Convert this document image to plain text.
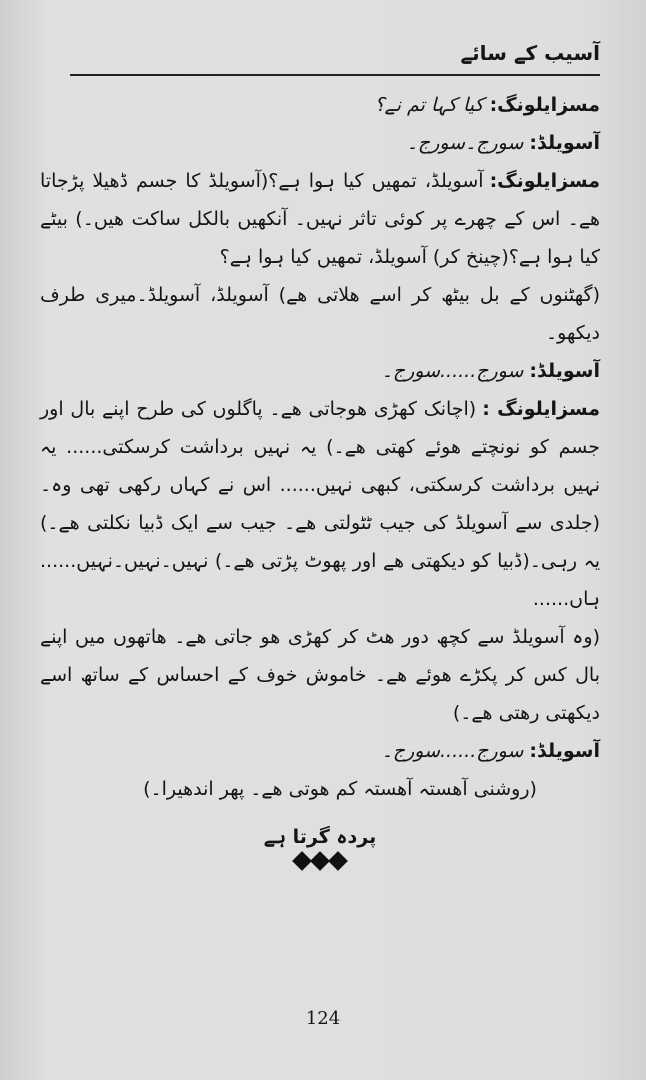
آسیب کے سائے

مسزایلونگ:کیا کہا تم نے؟

آسویلڈ:سورج۔سورج۔

مسزایلونگ:آسویلڈ، تمھیں کیا ہوا ہے؟(آسویلڈ کا جسم ڈھیلا پڑجاتا ھے۔ اس کے چھرے پر کوئی تاثر نہیں۔ آنکھیں بالکل ساکت ھیں۔) بیٹے کیا ہوا ہے؟(چینخ کر) آسویلڈ، تمھیں کیا ہوا ہے؟

(گھٹنوں کے بل بیٹھ کر اسے ھلاتی ھے) آسویلڈ، آسویلڈ۔میری طرف دیکھو۔

آسویلڈ:سورج......سورج۔

مسزایلونگ :(اچانک کھڑی ھوجاتی ھے۔ پاگلوں کی طرح اپنے بال اور جسم کو نونچتے ھوئے کھتی ھے۔) یہ نہیں برداشت کرسکتی...... یہ نہیں برداشت کرسکتی، کبھی نہیں...... اس نے کہاں رکھی تھی وہ۔(جلدی سے آسویلڈ کی جیب ٹٹولتی ھے۔ جیب سے ایک ڈبیا نکلتی ھے۔) یہ رہی۔(ڈبیا کو دیکھتی ھے اور پھوٹ پڑتی ھے۔) نہیں۔نہیں۔نہیں...... ہاں......

(وہ آسویلڈ سے کچھ دور ھٹ کر کھڑی ھو جاتی ھے۔ ھاتھوں میں اپنے بال کس کر پکڑے ھوئے ھے۔ خاموش خوف کے احساس کے ساتھ اسے دیکھتی رھتی ھے۔)

آسویلڈ:سورج......سورج۔

(روشنی آھستہ آھستہ کم ھوتی ھے۔ پھر اندھیرا۔)

پردہ گرتا ہے

124
